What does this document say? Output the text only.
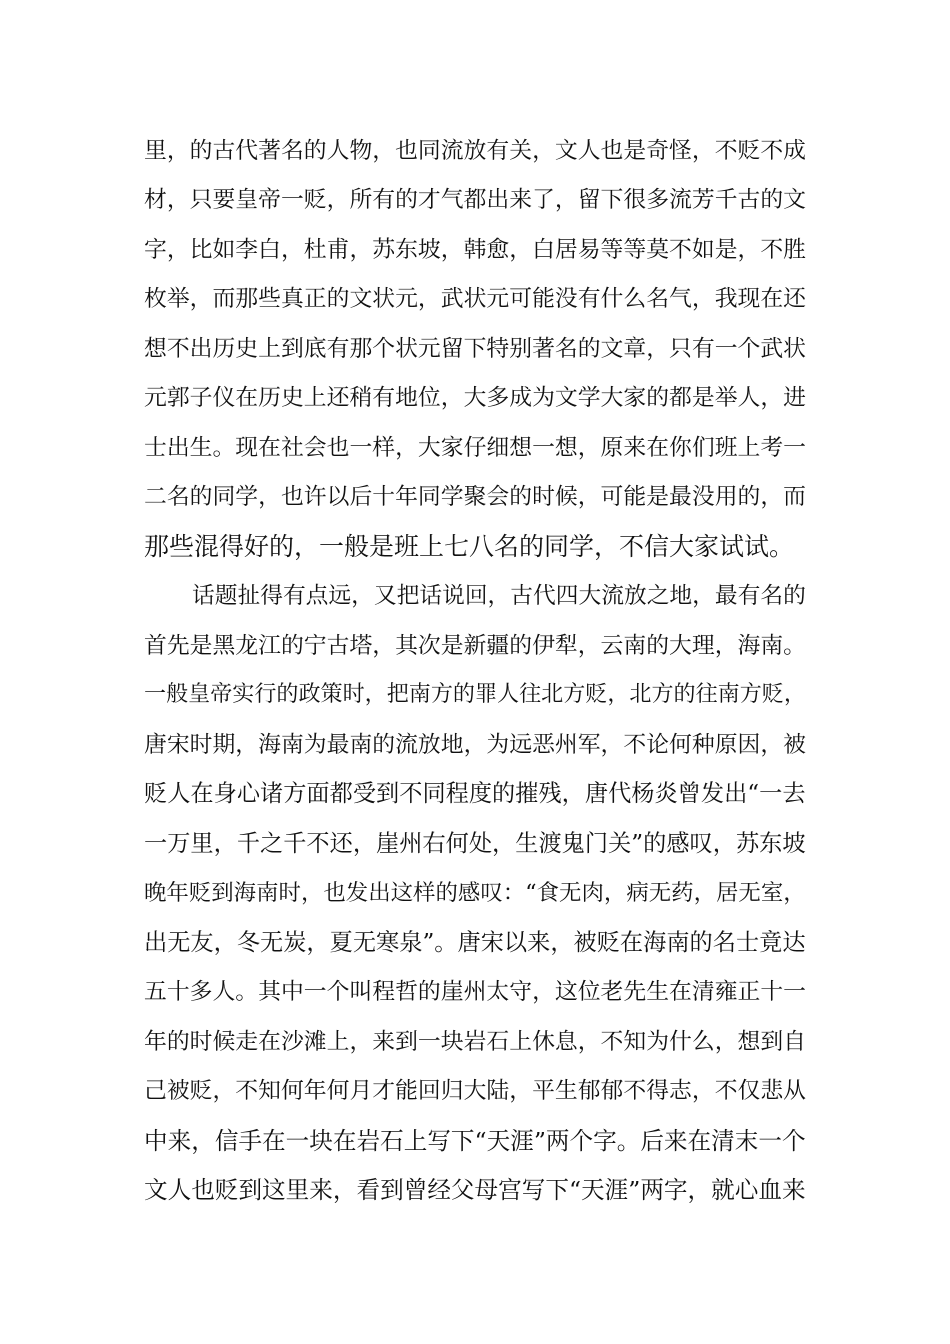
里，的古代著名的人物，也同流放有关，文人也是奇怪，不贬不成
材，只要皇帝一贬，所有的才气都出来了，留下很多流芳千古的文
字，比如李白，杜甫，苏东坡，韩愈，白居易等等莫不如是，不胜
枚举，而那些真正的文状元，武状元可能没有什么名气，我现在还
想不出历史上到底有那个状元留下特别著名的文章，只有一个武状
元郭子仪在历史上还稍有地位，大多成为文学大家的都是举人，进
士出生。现在社会也一样，大家仔细想一想，原来在你们班上考一
二名的同学，也许以后十年同学聚会的时候，可能是最没用的，而
那些混得好的，一般是班上七八名的同学，不信大家试试。
话题扯得有点远，又把话说回，古代四大流放之地，最有名的
首先是黑龙江的宁古塔，其次是新疆的伊犁，云南的大理，海南。
一般皇帝实行的政策时，把南方的罪人往北方贬，北方的往南方贬，
唐宋时期，海南为最南的流放地，为远恶州军，不论何种原因，被
贬人在身心诸方面都受到不同程度的摧残，唐代杨炎曾发出“一去
一万里，千之千不还，崖州右何处，生渡鬼门关”的感叹，苏东坡
晚年贬到海南时，也发出这样的感叹：“食无肉，病无药，居无室，
出无友，冬无炭，夏无寒泉”。唐宋以来，被贬在海南的名士竟达
五十多人。其中一个叫程哲的崖州太守，这位老先生在清雍正十一
年的时候走在沙滩上，来到一块岩石上休息，不知为什么，想到自
己被贬，不知何年何月才能回归大陆，平生郁郁不得志，不仅悲从
中来，信手在一块在岩石上写下“天涯”两个字。后来在清末一个
文人也贬到这里来，看到曾经父母宫写下“天涯”两字，就心血来
